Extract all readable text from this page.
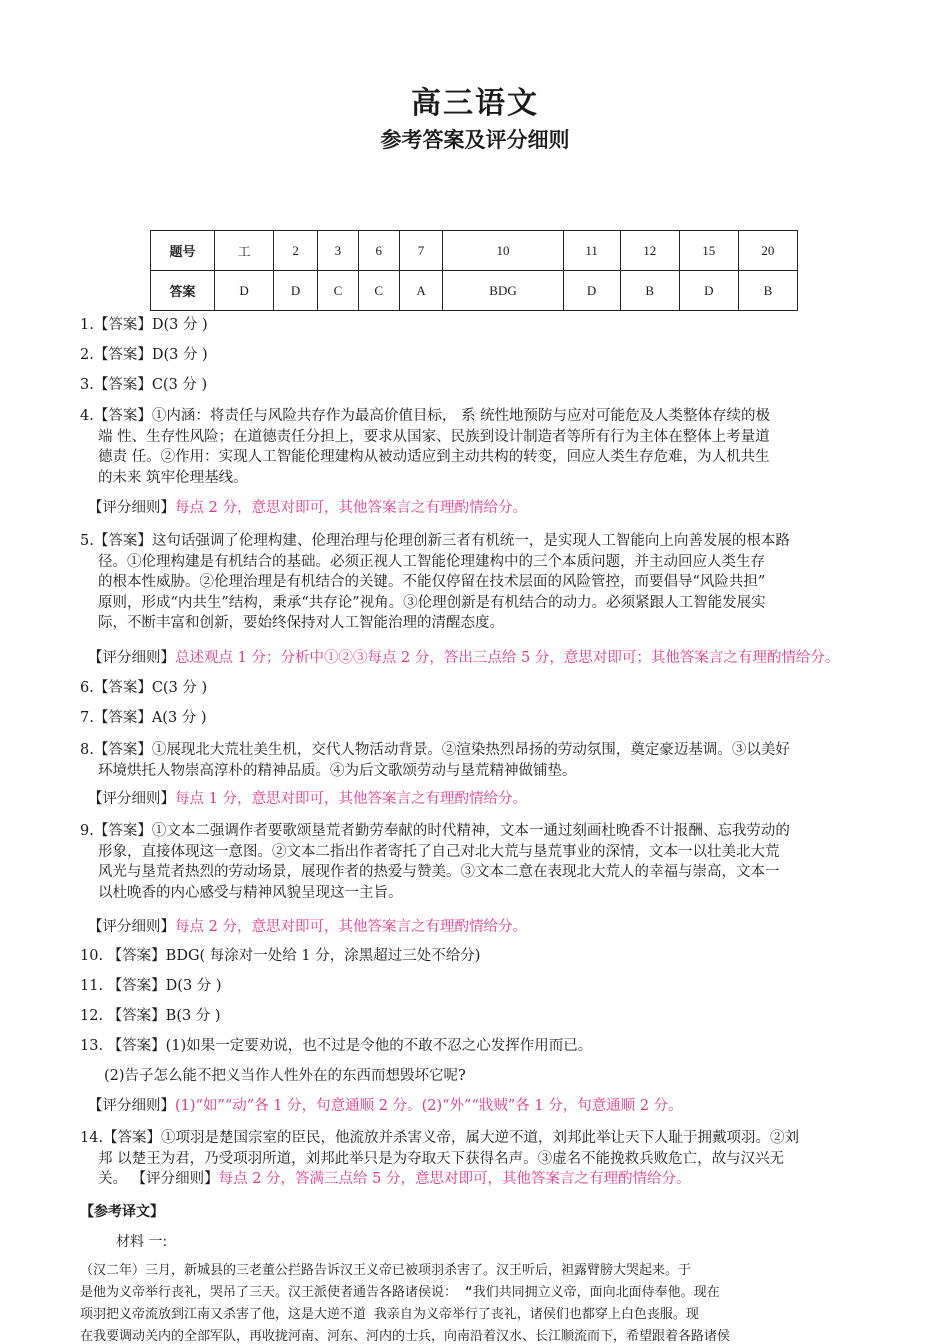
高三语文
参考答案及评分细则
题号	工	2	3	6	7	10	11	12	15	20
答案	D	D	C	C	A	BDG	D	B	D	B
1.【答案】D(3 分 )
2.【答案】D(3 分 )
3.【答案】C(3 分 )
4.【答案】①内涵：将责任与风险共存作为最高价值目标， 系 统性地预防与应对可能危及人类整体存续的极
端 性、生存性风险；在道德责任分担上，要求从国家、民族到设计制造者等所有行为主体在整体上考量道
德责 任。②作用：实现人工智能伦理建构从被动适应到主动共构的转变，回应人类生存危难，为人机共生
的未来 筑牢伦理基线。
【评分细则】每点 2 分，意思对即可，其他答案言之有理酌情给分。
5.【答案】这句话强调了伦理构建、伦理治理与伦理创新三者有机统一，是实现人工智能向上向善发展的根本路
径。①伦理构建是有机结合的基础。必须正视人工智能伦理建构中的三个本质问题，并主动回应人类生存
的根本性威胁。②伦理治理是有机结合的关键。不能仅停留在技术层面的风险管控，而要倡导“风险共担”
原则，形成“内共生”结构，秉承“共存论”视角。③伦理创新是有机结合的动力。必须紧跟人工智能发展实
际，不断丰富和创新，要始终保持对人工智能治理的清醒态度。
【评分细则】总述观点 1 分；分析中①②③每点 2 分，答出三点给 5 分，意思对即可；其他答案言之有理酌情给分。
6.【答案】C(3 分 )
7.【答案】A(3 分 )
8.【答案】①展现北大荒壮美生机，交代人物活动背景。②渲染热烈昂扬的劳动氛围，奠定豪迈基调。③以美好
环境烘托人物崇高淳朴的精神品质。④为后文歌颂劳动与垦荒精神做铺垫。
【评分细则】每点 1 分，意思对即可，其他答案言之有理酌情给分。
9.【答案】①文本二强调作者要歌颂垦荒者勤劳奉献的时代精神，文本一通过刻画杜晚香不计报酬、忘我劳动的
形象，直接体现这一意图。②文本二指出作者寄托了自己对北大荒与垦荒事业的深情，文本一以壮美北大荒
风光与垦荒者热烈的劳动场景，展现作者的热爱与赞美。③文本二意在表现北大荒人的幸福与崇高，文本一
以杜晚香的内心感受与精神风貌呈现这一主旨。
【评分细则】每点 2 分，意思对即可，其他答案言之有理酌情给分。
10. 【答案】BDG( 每涂对一处给 1 分，涂黑超过三处不给分)
11. 【答案】D(3 分 )
12. 【答案】B(3 分 )
13. 【答案】(1)如果一定要劝说，也不过是令他的不敢不忍之心发挥作用而已。
(2)告子怎么能不把义当作人性外在的东西而想毁坏它呢?
【评分细则】(1)“如”“动”各 1 分，句意通顺 2 分。(2)“外”“戕贼”各 1 分，句意通顺 2 分。
14.【答案】①项羽是楚国宗室的臣民，他流放并杀害义帝，属大逆不道，刘邦此举让天下人耻于拥戴项羽。②刘
邦 以楚王为君，乃受项羽所道，刘邦此举只是为夺取天下获得名声。③虚名不能挽救兵败危亡，故与汉兴无
关。 【评分细则】每点 2 分，答满三点给 5 分，意思对即可，其他答案言之有理酌情给分。
【参考译文】
材料 一:
（汉二年）三月，新城县的三老董公拦路告诉汉王义帝已被项羽杀害了。汉王听后，袒露臂膀大哭起来。于
是他为义帝举行丧礼，哭吊了三天。汉王派使者通告各路诸侯说： “我们共同拥立义帝，面向北面侍奉他。现在
项羽把义帝流放到江南又杀害了他，这是大逆不道 我亲自为义帝举行了丧礼，诸侯们也都穿上白色丧服。现
在我要调动关内的全部军队，再收拢河南、河东、河内的士兵，向南沿着汉水、长江顺流而下，希望跟着各路诸侯
